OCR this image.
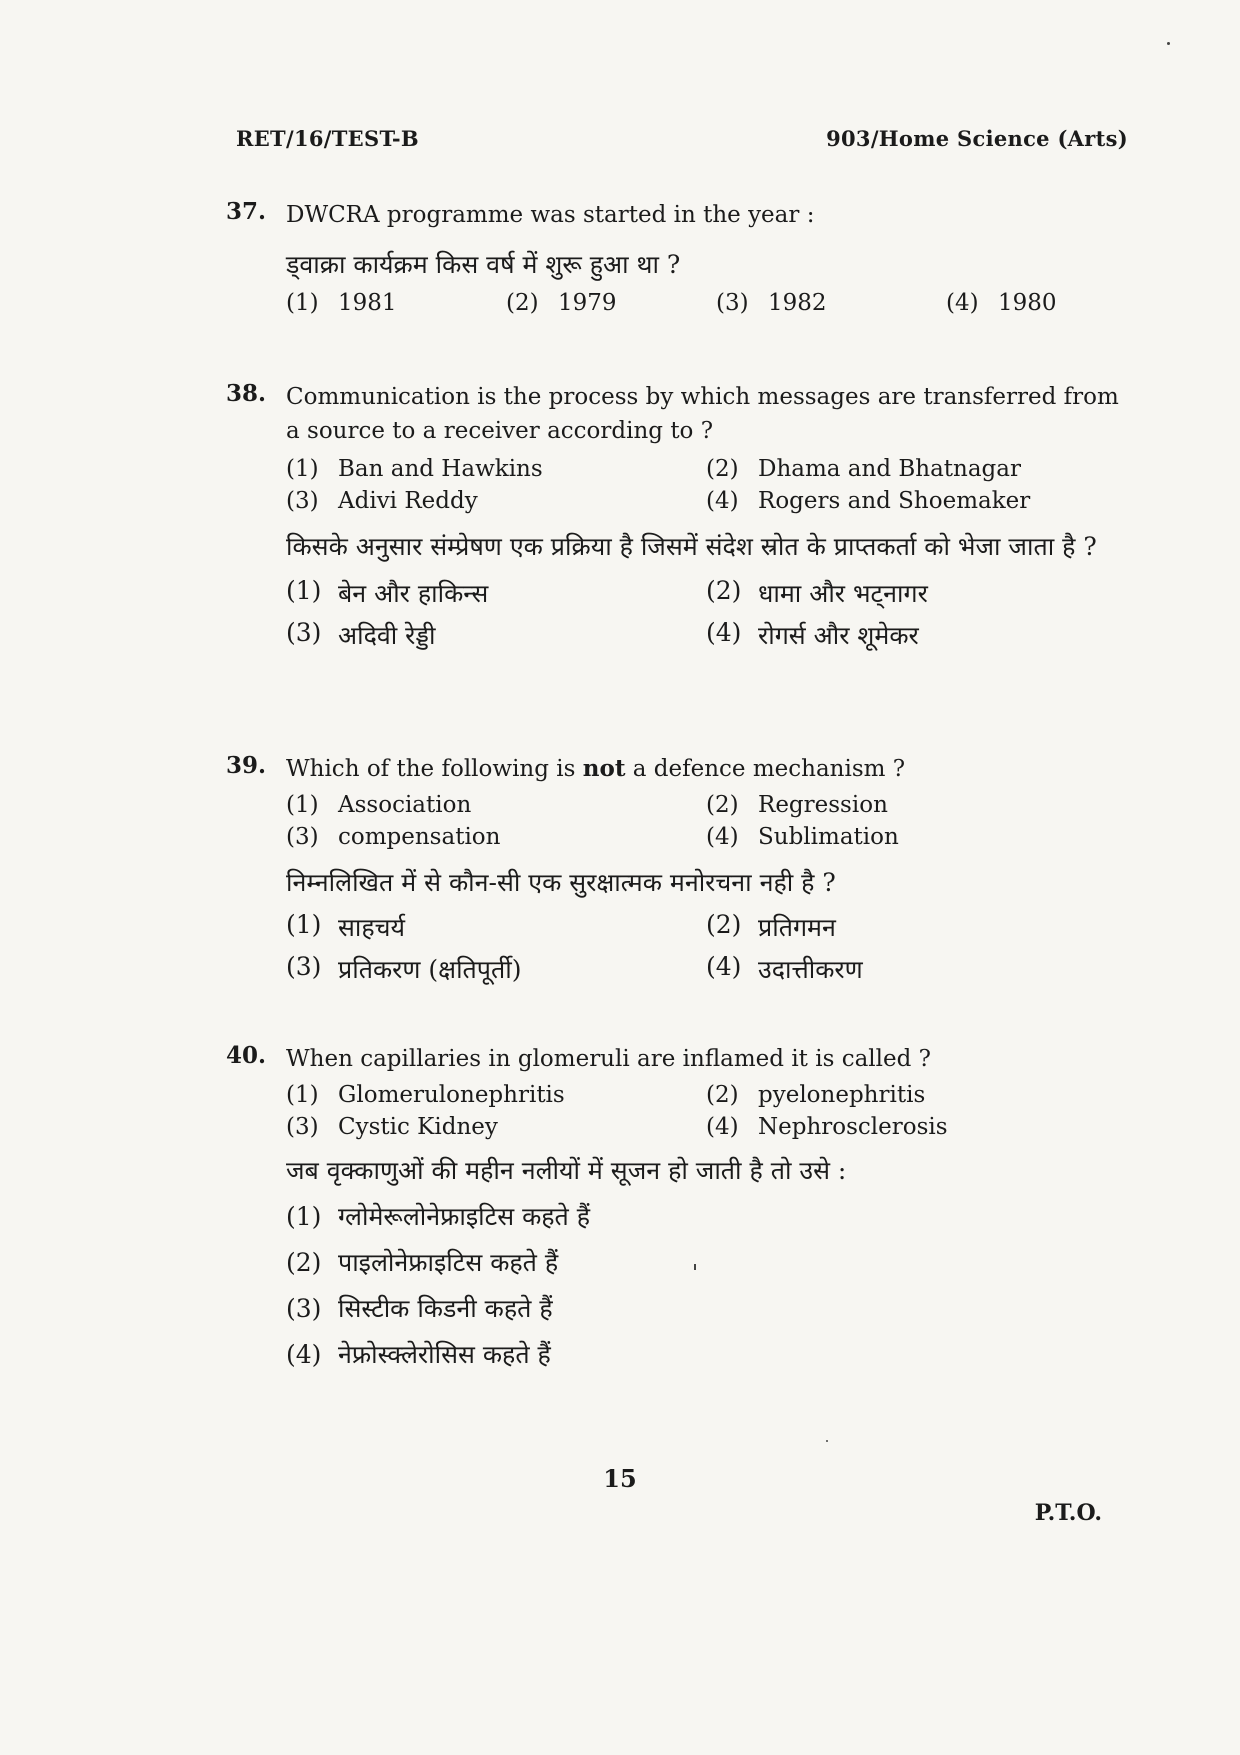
RET/16/TEST-B	903/Home Science (Arts)
37. DWCRA programme was started in the year :
ड्वाक्रा कार्यक्रम किस वर्ष में शुरू हुआ था ?
(1) 1981	(2) 1979	(3) 1982	(4) 1980
38. Communication is the process by which messages are transferred from a source to a receiver according to ?
(1) Ban and Hawkins	(2) Dhama and Bhatnagar
(3) Adivi Reddy	(4) Rogers and Shoemaker
किसके अनुसार संम्प्रेषण एक प्रक्रिया है जिसमें संदेश स्रोत के प्राप्तकर्ता को भेजा जाता है ?
(1) बेन और हाकिन्स	(2) धामा और भट्नागर
(3) अदिवी रेड्डी	(4) रोगर्स और शूमेकर
39. Which of the following is not a defence mechanism ?
(1) Association	(2) Regression
(3) compensation	(4) Sublimation
निम्नलिखित में से कौन-सी एक सुरक्षात्मक मनोरचना नही है ?
(1) साहचर्य	(2) प्रतिगमन
(3) प्रतिकरण (क्षतिपूर्ती)	(4) उदात्तीकरण
40. When capillaries in glomeruli are inflamed it is called ?
(1) Glomerulonephritis	(2) pyelonephritis
(3) Cystic Kidney	(4) Nephrosclerosis
जब वृक्काणुओं की महीन नलीयों में सूजन हो जाती है तो उसे :
(1) ग्लोमेरूलोनेफ्राइटिस कहते हैं
(2) पाइलोनेफ्राइटिस कहते हैं
(3) सिस्टीक किडनी कहते हैं
(4) नेफ्रोस्क्लेरोसिस कहते हैं
15
P.T.O.
